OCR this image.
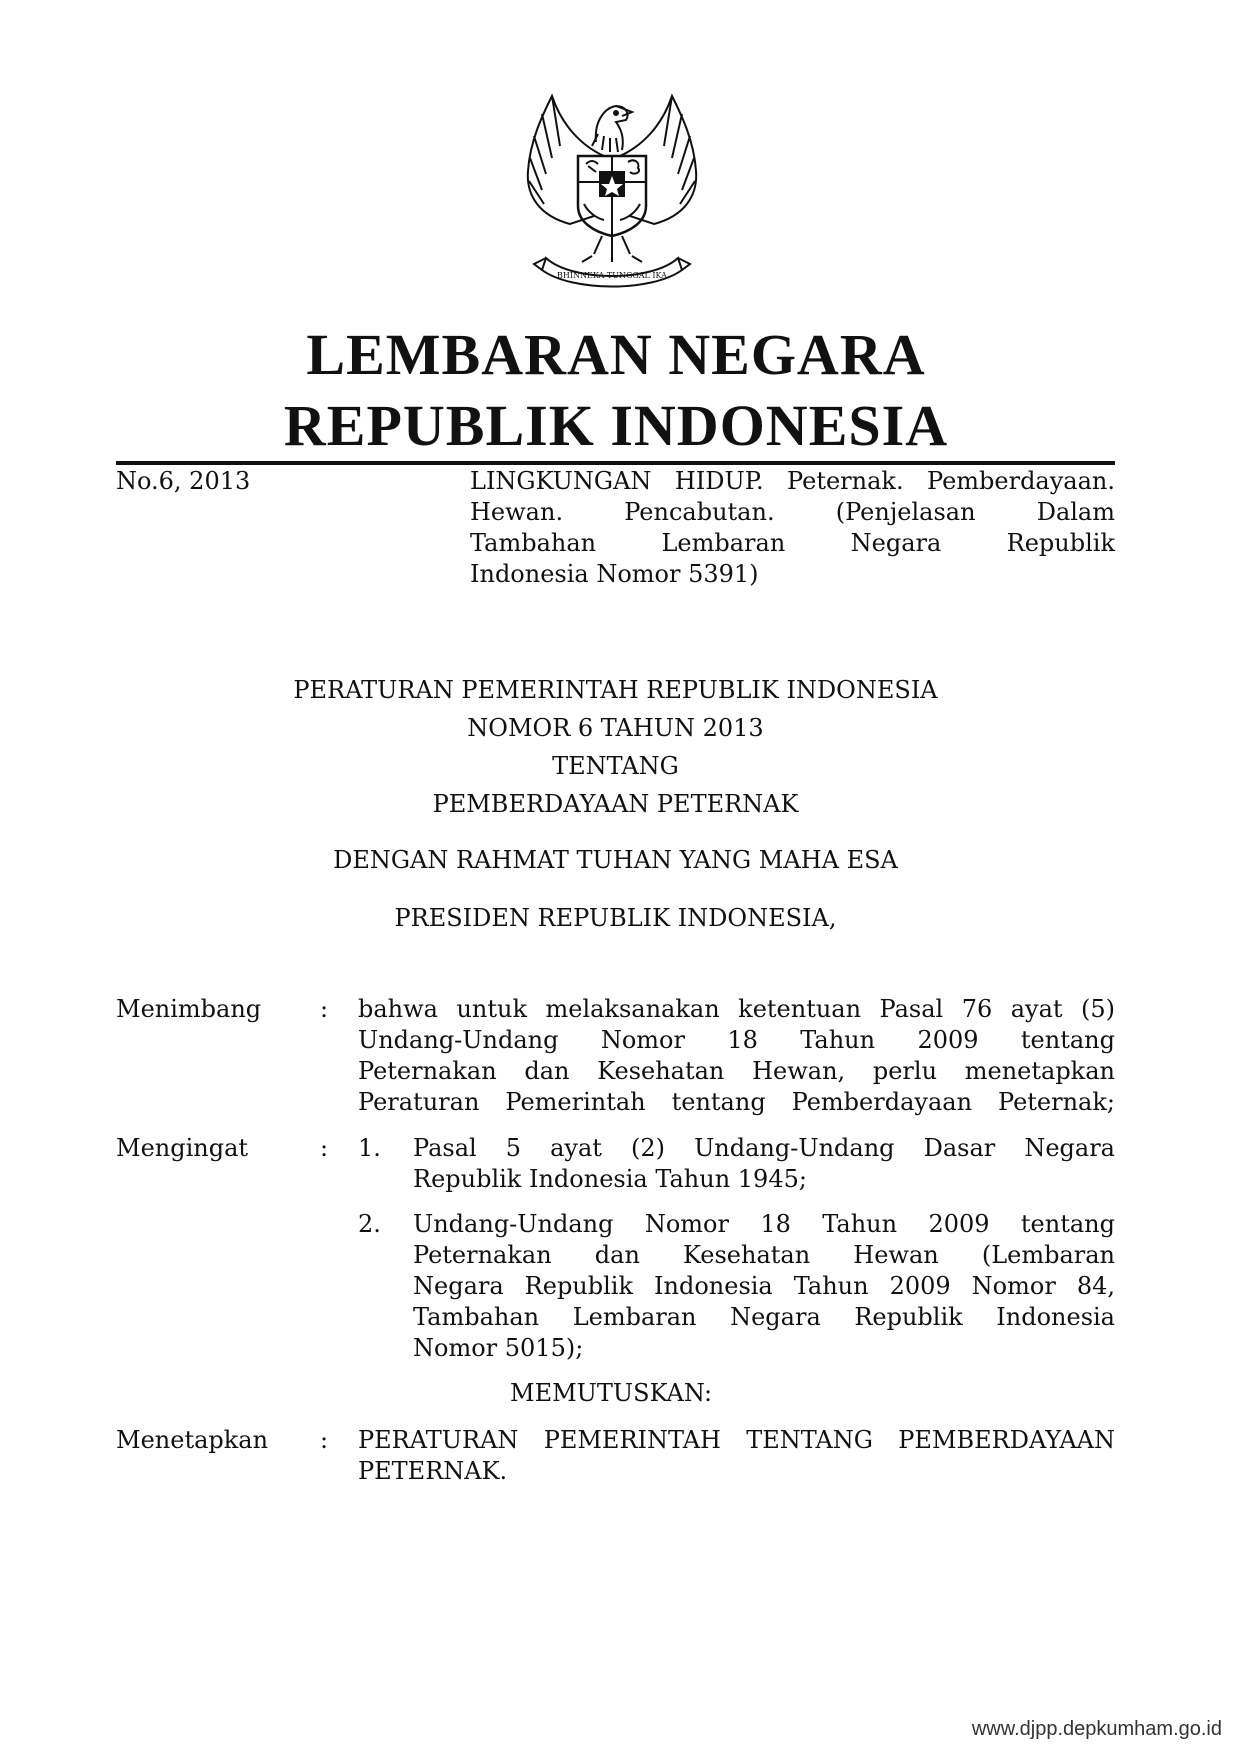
BHINNEKA TUNGGAL IKA
LEMBARAN NEGARA
REPUBLIK INDONESIA
No.6, 2013	LINGKUNGAN HIDUP. Peternak. Pemberdayaan.
Hewan. Pencabutan. (Penjelasan Dalam
Tambahan Lembaran Negara Republik
Indonesia Nomor 5391)
PERATURAN PEMERINTAH REPUBLIK INDONESIA
NOMOR 6 TAHUN 2013
TENTANG
PEMBERDAYAAN PETERNAK
DENGAN RAHMAT TUHAN YANG MAHA ESA
PRESIDEN REPUBLIK INDONESIA,
Menimbang : bahwa untuk melaksanakan ketentuan Pasal 76 ayat (5)
Undang-Undang Nomor 18 Tahun 2009 tentang
Peternakan dan Kesehatan Hewan, perlu menetapkan
Peraturan Pemerintah tentang Pemberdayaan Peternak;
Mengingat	: 1. Pasal 5 ayat (2) Undang-Undang Dasar Negara
Republik Indonesia Tahun 1945;
2. Undang-Undang Nomor 18 Tahun 2009 tentang
Peternakan dan Kesehatan Hewan (Lembaran
Negara Republik Indonesia Tahun 2009 Nomor 84,
Tambahan Lembaran Negara Republik Indonesia
Nomor 5015);
MEMUTUSKAN:
Menetapkan : PERATURAN PEMERINTAH TENTANG PEMBERDAYAAN
PETERNAK.
www.djpp.depkumham.go.id
